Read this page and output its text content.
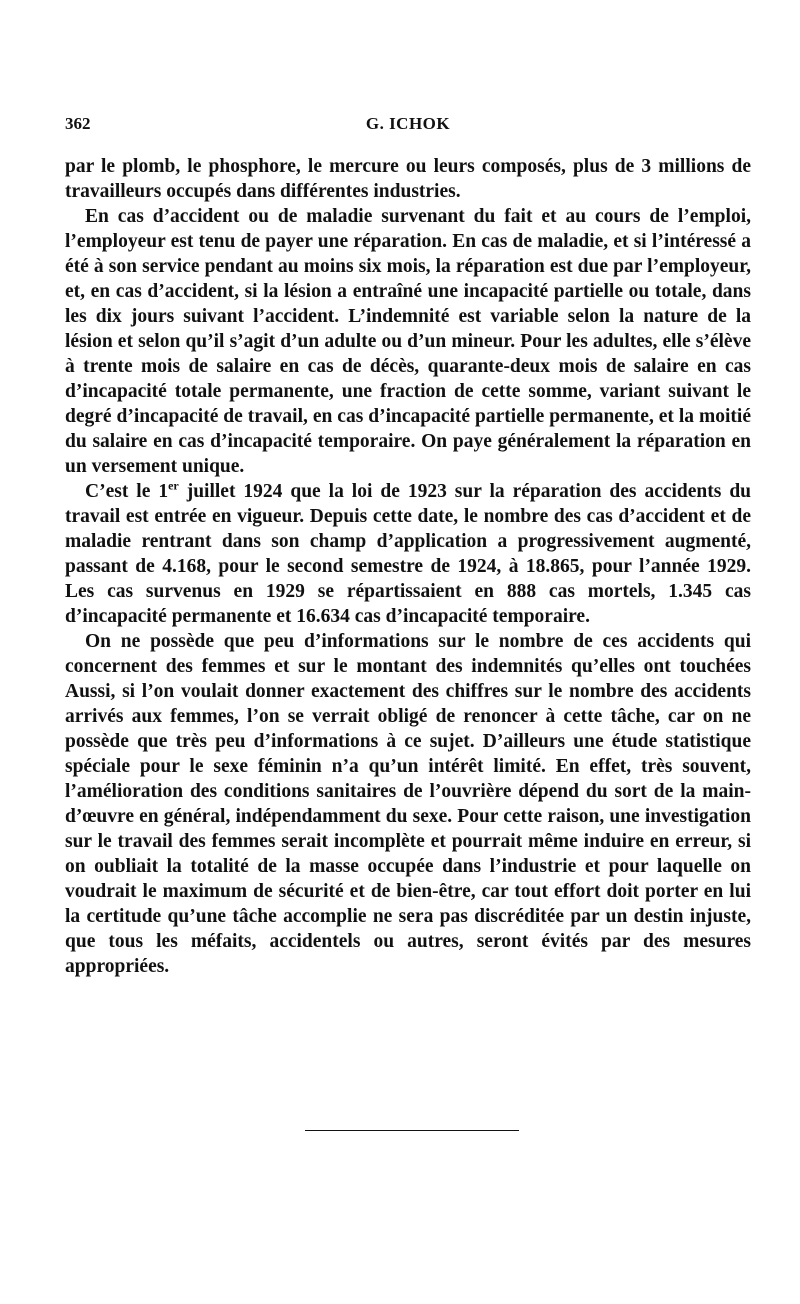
362	G. ICHOK

par le plomb, le phosphore, le mercure ou leurs composés, plus de 3 millions de travailleurs occupés dans différentes industries.

En cas d’accident ou de maladie survenant du fait et au cours de l’emploi, l’employeur est tenu de payer une réparation. En cas de maladie, et si l’intéressé a été à son service pendant au moins six mois, la réparation est due par l’employeur, et, en cas d’accident, si la lésion a entraîné une incapacité partielle ou totale, dans les dix jours suivant l’accident. L’indemnité est variable selon la nature de la lésion et selon qu’il s’agit d’un adulte ou d’un mineur. Pour les adultes, elle s’élève à trente mois de salaire en cas de décès, quarante-deux mois de salaire en cas d’incapacité totale permanente, une fraction de cette somme, variant suivant le degré d’incapacité de travail, en cas d’incapacité partielle permanente, et la moitié du salaire en cas d’incapacité temporaire. On paye généralement la réparation en un versement unique.

C’est le 1er juillet 1924 que la loi de 1923 sur la réparation des accidents du travail est entrée en vigueur. Depuis cette date, le nombre des cas d’accident et de maladie rentrant dans son champ d’application a progressivement augmenté, passant de 4.168, pour le second semestre de 1924, à 18.865, pour l’année 1929. Les cas survenus en 1929 se répartissaient en 888 cas mortels, 1.345 cas d’incapacité permanente et 16.634 cas d’incapacité temporaire.

On ne possède que peu d’informations sur le nombre de ces accidents qui concernent des femmes et sur le montant des indemnités qu’elles ont touchées Aussi, si l’on voulait donner exactement des chiffres sur le nombre des accidents arrivés aux femmes, l’on se verrait obligé de renoncer à cette tâche, car on ne possède que très peu d’informations à ce sujet. D’ailleurs une étude statistique spéciale pour le sexe féminin n’a qu’un intérêt limité. En effet, très souvent, l’amélioration des conditions sanitaires de l’ouvrière dépend du sort de la main-d’œuvre en général, indépendamment du sexe. Pour cette raison, une investigation sur le travail des femmes serait incomplète et pourrait même induire en erreur, si on oubliait la totalité de la masse occupée dans l’industrie et pour laquelle on voudrait le maximum de sécurité et de bien-être, car tout effort doit porter en lui la certitude qu’une tâche accomplie ne sera pas discréditée par un destin injuste, que tous les méfaits, accidentels ou autres, seront évités par des mesures appropriées.
